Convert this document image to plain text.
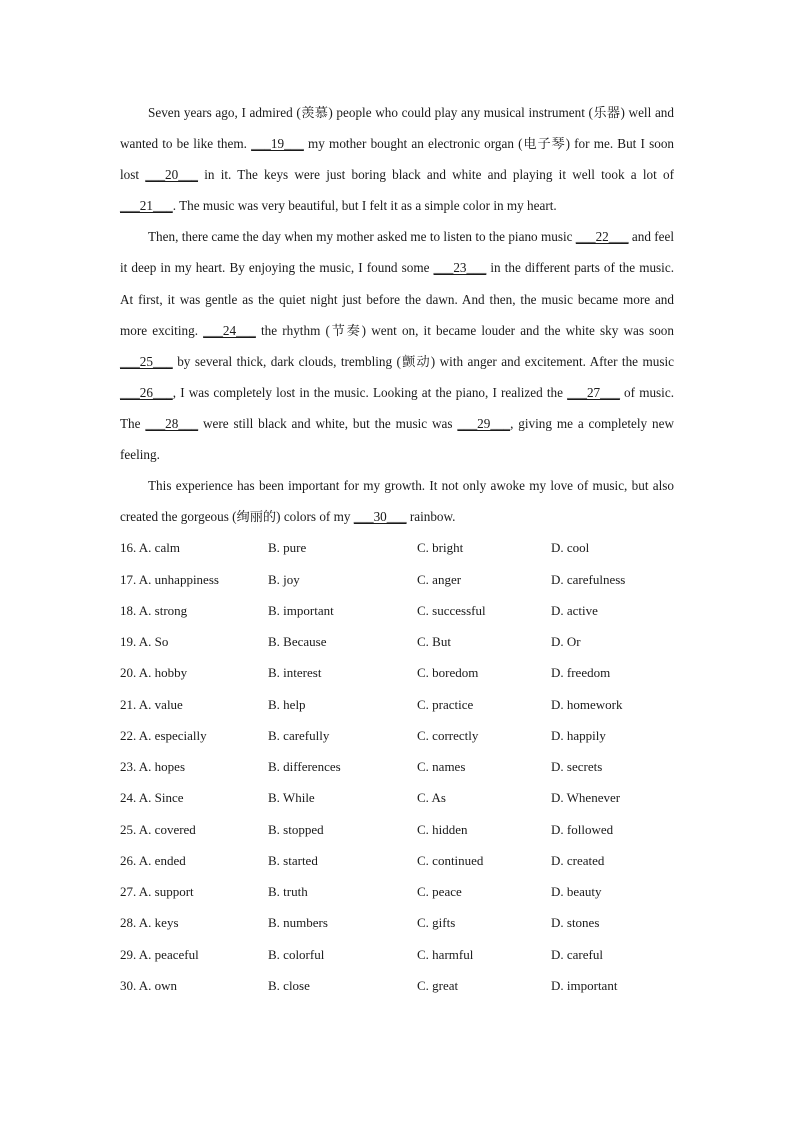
Seven years ago, I admired (羡慕) people who could play any musical instrument (乐器) well and wanted to be like them. ___19___ my mother bought an electronic organ (电子琴) for me. But I soon lost ___20___ in it. The keys were just boring black and white and playing it well took a lot of ___21___. The music was very beautiful, but I felt it as a simple color in my heart.

Then, there came the day when my mother asked me to listen to the piano music ___22___ and feel it deep in my heart. By enjoying the music, I found some ___23___ in the different parts of the music. At first, it was gentle as the quiet night just before the dawn. And then, the music became more and more exciting. ___24___ the rhythm (节奏) went on, it became louder and the white sky was soon ___25___ by several thick, dark clouds, trembling (颤动) with anger and excitement. After the music ___26___, I was completely lost in the music. Looking at the piano, I realized the ___27___ of music. The ___28___ were still black and white, but the music was ___29___, giving me a completely new feeling.

This experience has been important for my growth. It not only awoke my love of music, but also created the gorgeous (绚丽的) colors of my ___30___ rainbow.

16. A. calm	B. pure	C. bright	D. cool
17. A. unhappiness	B. joy	C. anger	D. carefulness
18. A. strong	B. important	C. successful	D. active
19. A. So	B. Because	C. But	D. Or
20. A. hobby	B. interest	C. boredom	D. freedom
21. A. value	B. help	C. practice	D. homework
22. A. especially	B. carefully	C. correctly	D. happily
23. A. hopes	B. differences	C. names	D. secrets
24. A. Since	B. While	C. As	D. Whenever
25. A. covered	B. stopped	C. hidden	D. followed
26. A. ended	B. started	C. continued	D. created
27. A. support	B. truth	C. peace	D. beauty
28. A. keys	B. numbers	C. gifts	D. stones
29. A. peaceful	B. colorful	C. harmful	D. careful
30. A. own	B. close	C. great	D. important
